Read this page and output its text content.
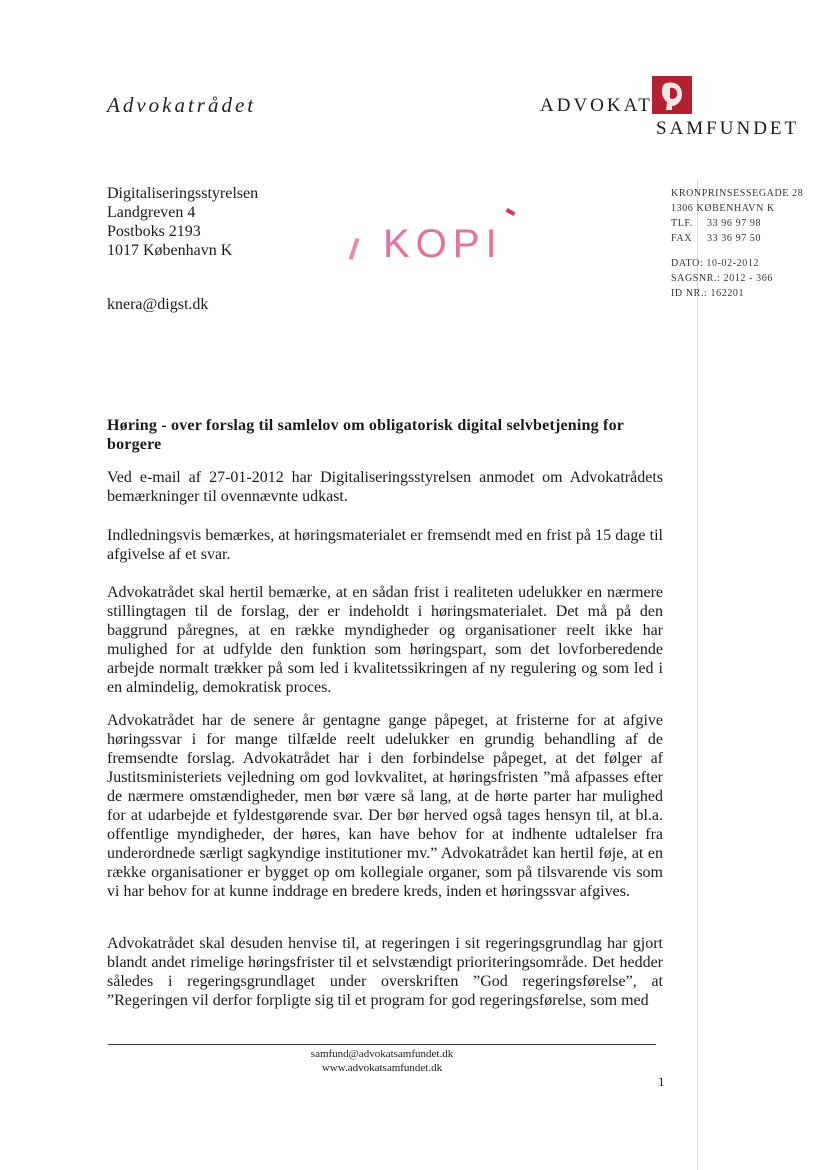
Advokatrådet	ADVOKAT
SAMFUNDET
Digitaliseringsstyrelsen
Landgreven 4
Postboks 2193
1017 København K
knera@digst.dk
KOPI
KRONPRINSESSEGADE 28
1306 KØBENHAVN K
TLF. 33 96 97 98
FAX 33 36 97 50
DATO: 10-02-2012
SAGSNR.: 2012 - 366
ID NR.: 162201
Høring - over forslag til samlelov om obligatorisk digital selvbetjening for borgere
Ved e-mail af 27-01-2012 har Digitaliseringsstyrelsen anmodet om Advokatrådets bemærkninger til ovennævnte udkast.
Indledningsvis bemærkes, at høringsmaterialet er fremsendt med en frist på 15 dage til afgivelse af et svar.
Advokatrådet skal hertil bemærke, at en sådan frist i realiteten udelukker en nærmere stillingtagen til de forslag, der er indeholdt i høringsmaterialet. Det må på den baggrund påregnes, at en række myndigheder og organisationer reelt ikke har mulighed for at udfylde den funktion som høringspart, som det lovforberedende arbejde normalt trækker på som led i kvalitetssikringen af ny regulering og som led i en almindelig, demokratisk proces.
Advokatrådet har de senere år gentagne gange påpeget, at fristerne for at afgive høringssvar i for mange tilfælde reelt udelukker en grundig behandling af de fremsendte forslag. Advokatrådet har i den forbindelse påpeget, at det følger af Justitsministeriets vejledning om god lovkvalitet, at høringsfristen ”må afpasses efter de nærmere omstændigheder, men bør være så lang, at de hørte parter har mulighed for at udarbejde et fyldestgørende svar. Der bør herved også tages hensyn til, at bl.a. offentlige myndigheder, der høres, kan have behov for at indhente udtalelser fra underordnede særligt sagkyndige institutioner mv.” Advokatrådet kan hertil føje, at en række organisationer er bygget op om kollegiale organer, som på tilsvarende vis som vi har behov for at kunne inddrage en bredere kreds, inden et høringssvar afgives.
Advokatrådet skal desuden henvise til, at regeringen i sit regeringsgrundlag har gjort blandt andet rimelige høringsfrister til et selvstændigt prioriteringsområde. Det hedder således i regeringsgrundlaget under overskriften ”God regeringsførelse”, at ”Regeringen vil derfor forpligte sig til et program for god regeringsførelse, som med
samfund@advokatsamfundet.dk
www.advokatsamfundet.dk
1
